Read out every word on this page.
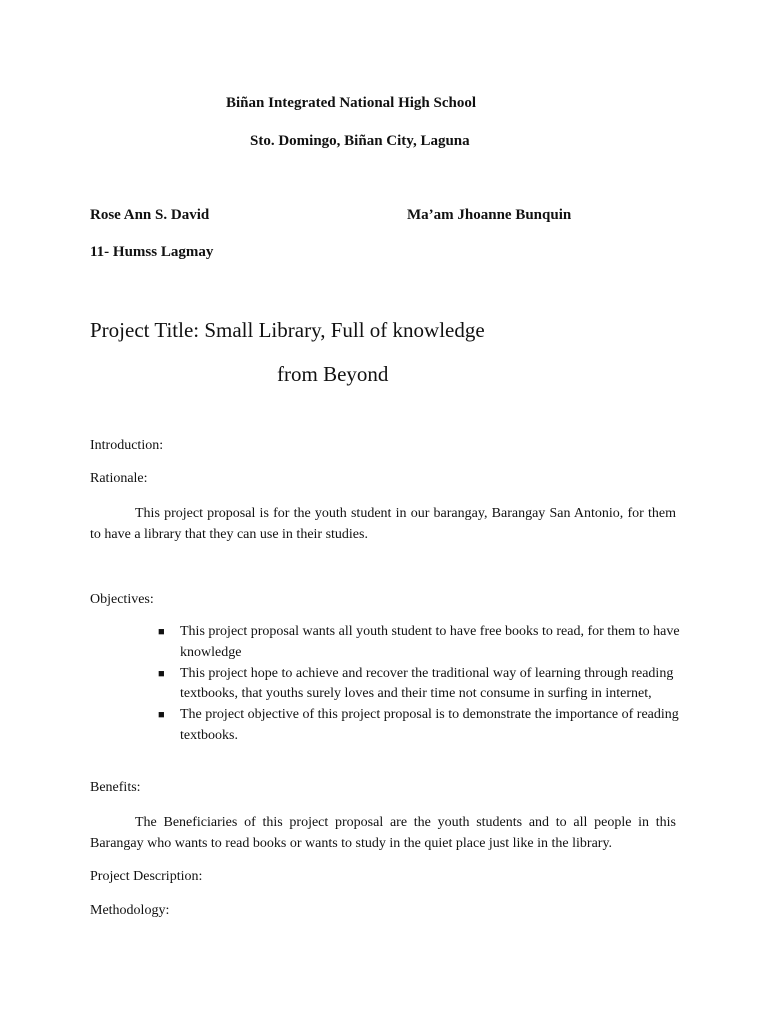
Biñan Integrated National High School
Sto. Domingo, Biñan City, Laguna
Rose Ann S. David	Ma’am Jhoanne Bunquin
11- Humss Lagmay
Project Title: Small Library, Full of knowledge
from Beyond
Introduction:
Rationale:
This project proposal is for the youth student in our barangay, Barangay San Antonio, for them to have a library that they can use in their studies.
Objectives:
■ This project proposal wants all youth student to have free books to read, for them to have knowledge
■ This project hope to achieve and recover the traditional way of learning through reading textbooks, that youths surely loves and their time not consume in surfing in internet,
■ The project objective of this project proposal is to demonstrate the importance of reading textbooks.
Benefits:
The Beneficiaries of this project proposal are the youth students and to all people in this Barangay who wants to read books or wants to study in the quiet place just like in the library.
Project Description:
Methodology:
